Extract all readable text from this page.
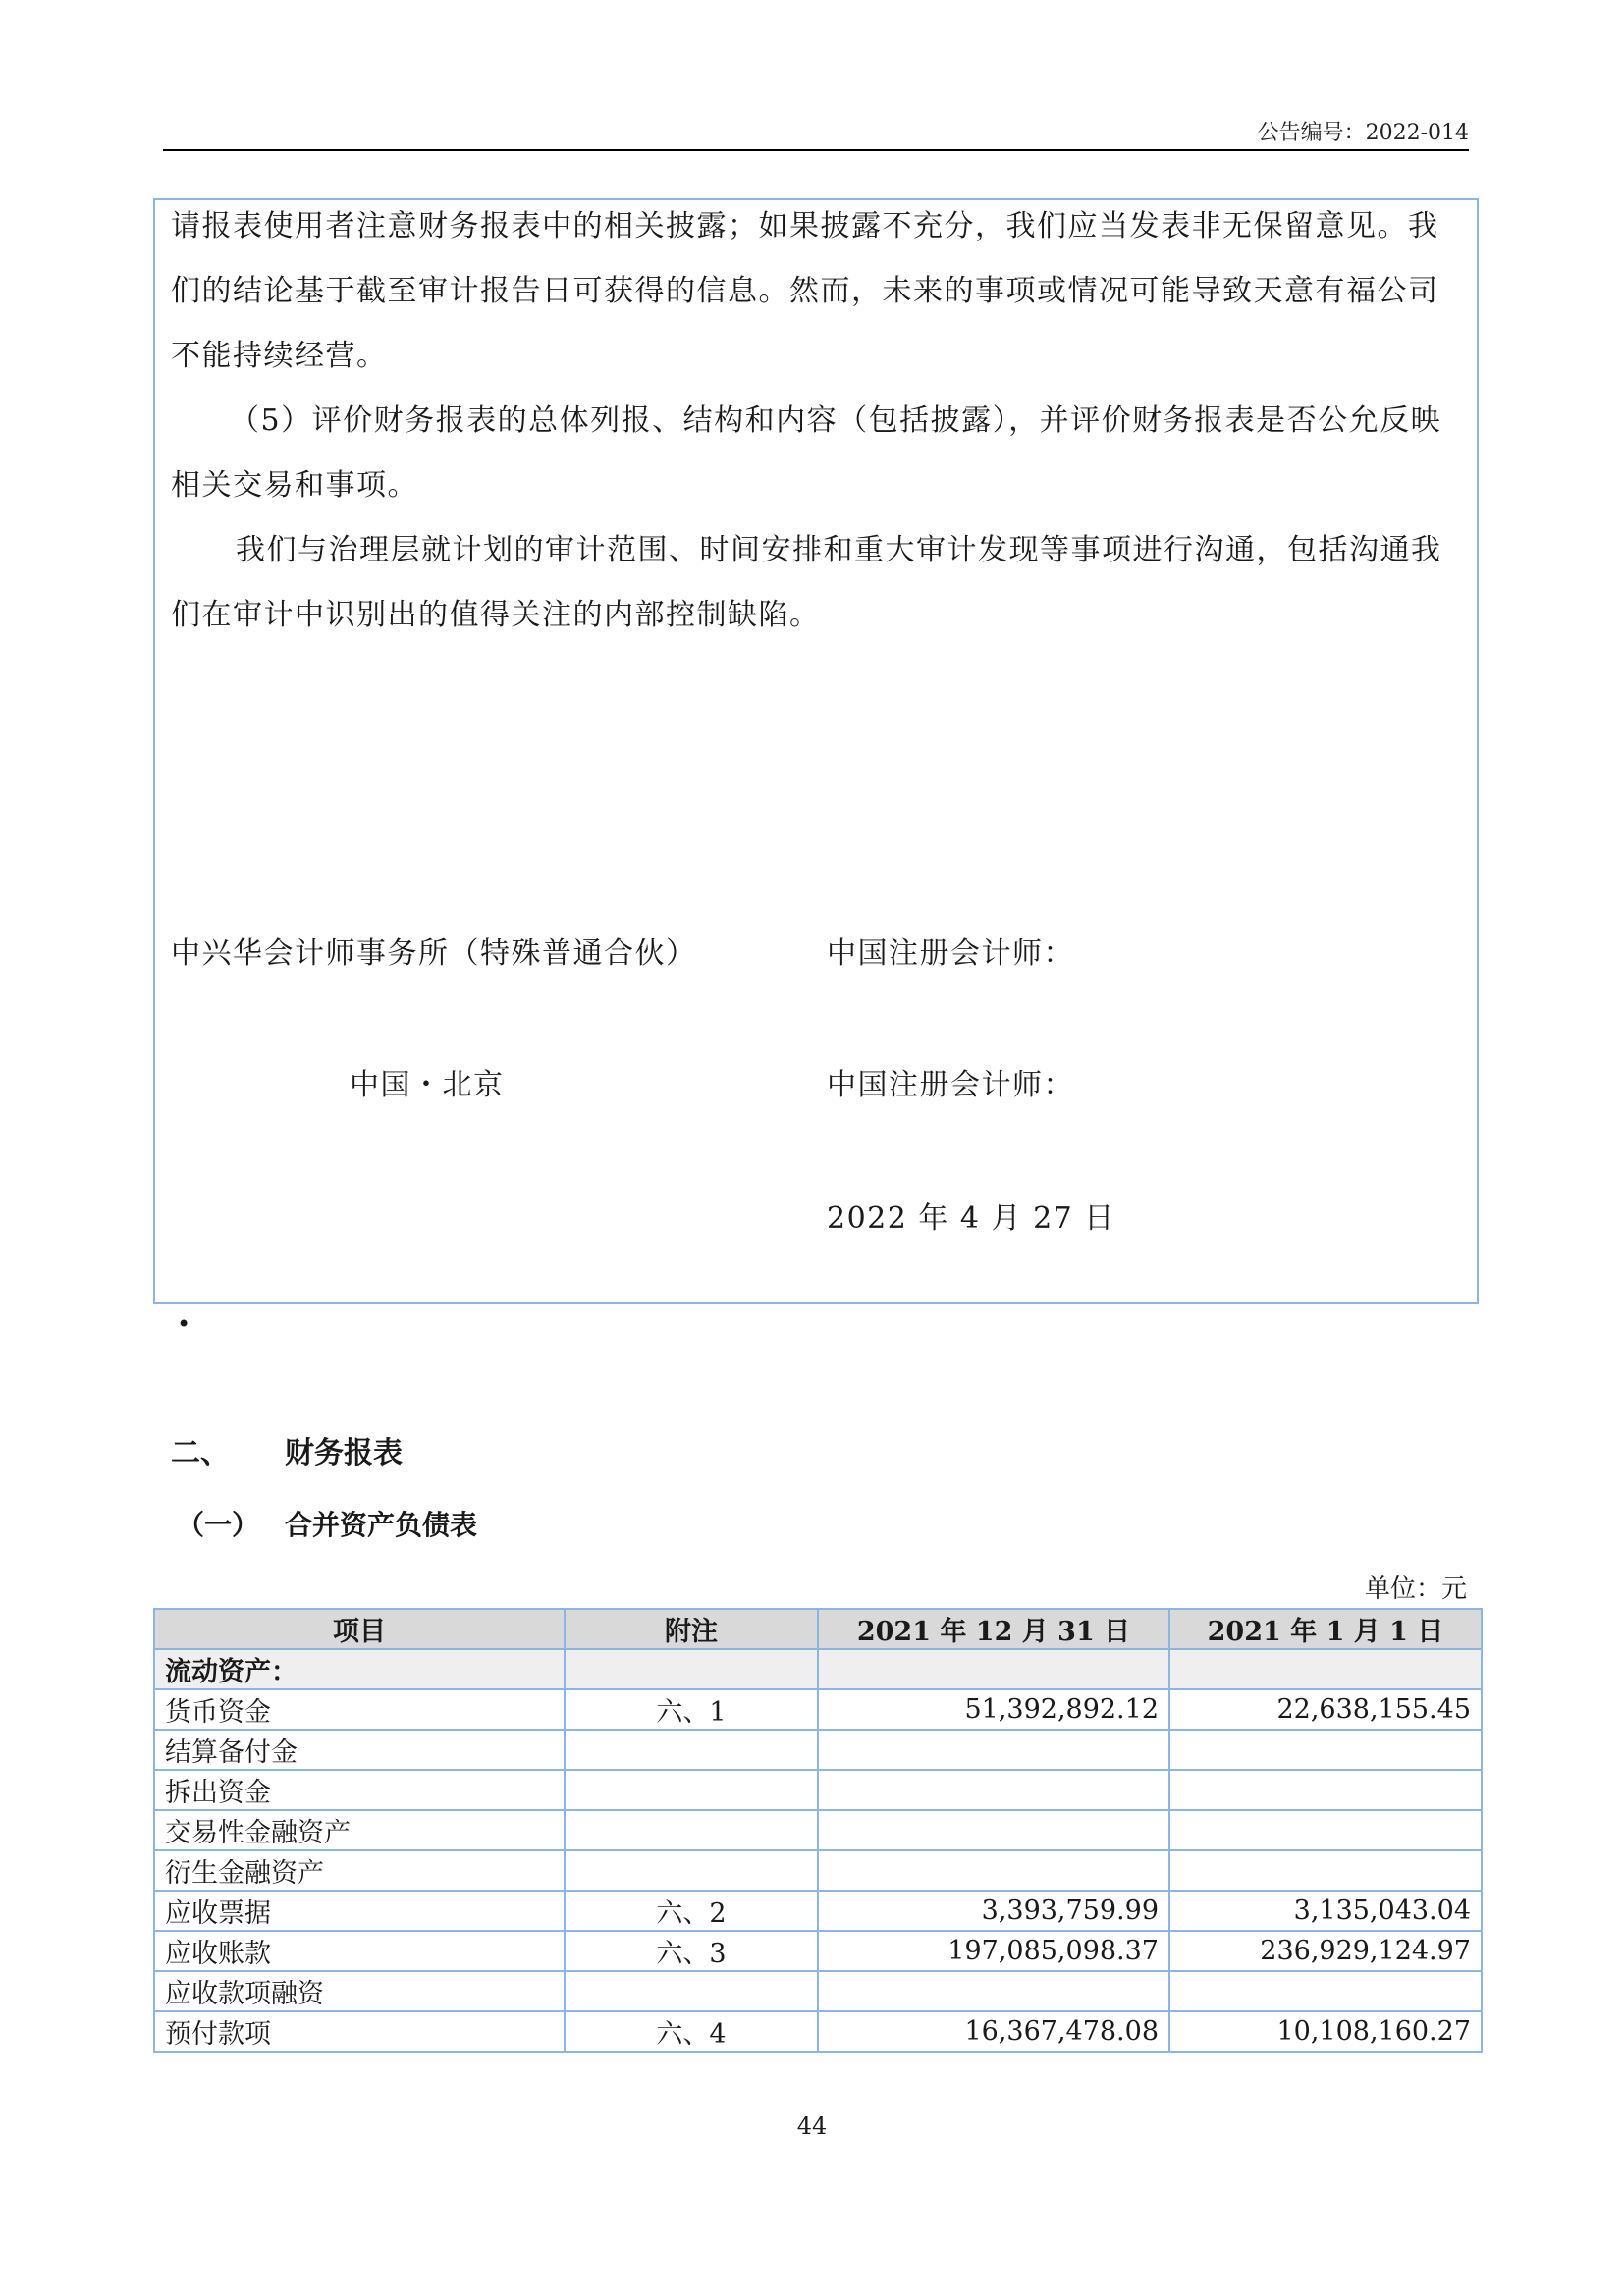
公告编号：2022-014

请报表使用者注意财务报表中的相关披露；如果披露不充分，我们应当发表非无保留意见。我们的结论基于截至审计报告日可获得的信息。然而，未来的事项或情况可能导致天意有福公司不能持续经营。

（5）评价财务报表的总体列报、结构和内容（包括披露），并评价财务报表是否公允反映相关交易和事项。

我们与治理层就计划的审计范围、时间安排和重大审计发现等事项进行沟通，包括沟通我们在审计中识别出的值得关注的内部控制缺陷。

中兴华会计师事务所（特殊普通合伙）	中国注册会计师：
中国・北京	中国注册会计师：
2022 年 4 月 27 日
•
二、 财务报表
（一） 合并资产负债表
单位：元
项目	附注	2021 年 12 月 31 日	2021 年 1 月 1 日
流动资产：			
货币资金	六、1	51,392,892.12	22,638,155.45
结算备付金			
拆出资金			
交易性金融资产			
衍生金融资产			
应收票据	六、2	3,393,759.99	3,135,043.04
应收账款	六、3	197,085,098.37	236,929,124.97
应收款项融资			
预付款项	六、4	16,367,478.08	10,108,160.27
44
